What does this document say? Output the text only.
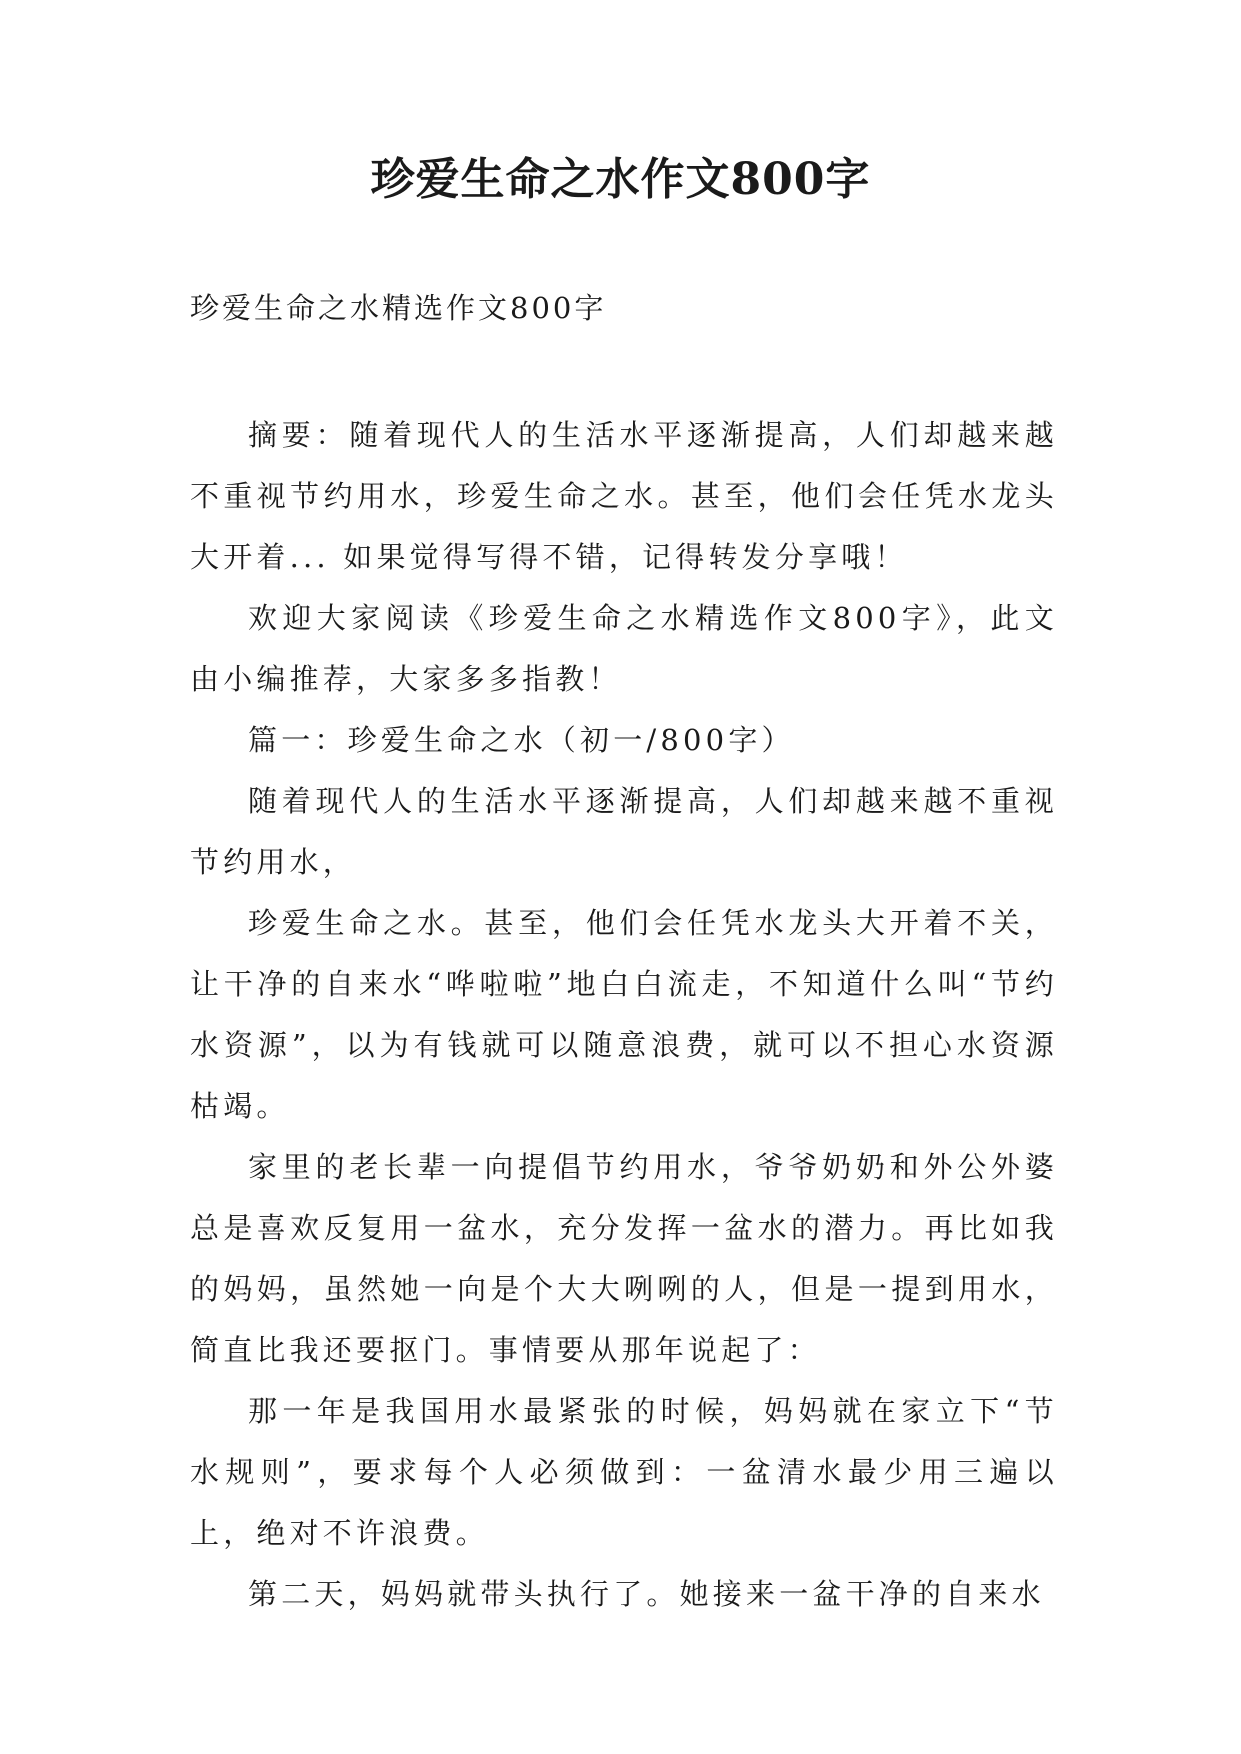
珍爱生命之水作文800字
珍爱生命之水精选作文800字

摘要：随着现代人的生活水平逐渐提高，人们却越来越不重视节约用水，珍爱生命之水。甚至，他们会任凭水龙头大开着... 如果觉得写得不错，记得转发分享哦！

欢迎大家阅读《珍爱生命之水精选作文800字》，此文由小编推荐，大家多多指教！

篇一：珍爱生命之水（初一/800字）

随着现代人的生活水平逐渐提高，人们却越来越不重视节约用水，

珍爱生命之水。甚至，他们会任凭水龙头大开着不关，让干净的自来水“哗啦啦”地白白流走，不知道什么叫“节约水资源”，以为有钱就可以随意浪费，就可以不担心水资源枯竭。

家里的老长辈一向提倡节约用水，爷爷奶奶和外公外婆总是喜欢反复用一盆水，充分发挥一盆水的潜力。再比如我的妈妈，虽然她一向是个大大咧咧的人，但是一提到用水，简直比我还要抠门。事情要从那年说起了：

那一年是我国用水最紧张的时候，妈妈就在家立下“节水规则”，要求每个人必须做到：一盆清水最少用三遍以上，绝对不许浪费。

第二天，妈妈就带头执行了。她接来一盆干净的自来水
